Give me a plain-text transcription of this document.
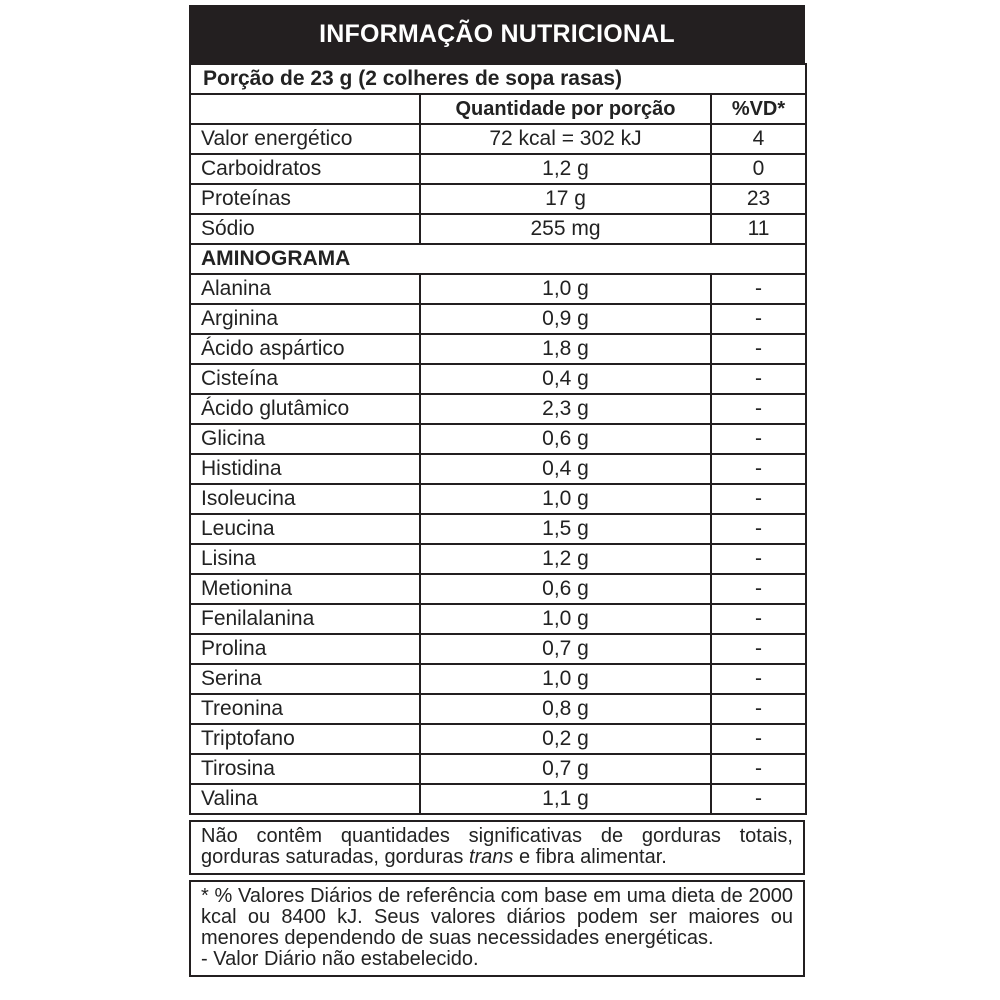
INFORMAÇÃO NUTRICIONAL
Porção de 23 g (2 colheres de sopa rasas)		
	Quantidade por porção	%VD*
Valor energético	72 kcal = 302 kJ	4
Carboidratos	1,2 g	0
Proteínas	17 g	23
Sódio	255 mg	11
AMINOGRAMA		
Alanina	1,0 g	-
Arginina	0,9 g	-
Ácido aspártico	1,8 g	-
Cisteína	0,4 g	-
Ácido glutâmico	2,3 g	-
Glicina	0,6 g	-
Histidina	0,4 g	-
Isoleucina	1,0 g	-
Leucina	1,5 g	-
Lisina	1,2 g	-
Metionina	0,6 g	-
Fenilalanina	1,0 g	-
Prolina	0,7 g	-
Serina	1,0 g	-
Treonina	0,8 g	-
Triptofano	0,2 g	-
Tirosina	0,7 g	-
Valina	1,1 g	-

Não contêm quantidades significativas de gorduras totais, gorduras saturadas, gorduras trans e fibra alimentar.

* % Valores Diários de referência com base em uma dieta de 2000 kcal ou 8400 kJ. Seus valores diários podem ser maiores ou menores dependendo de suas necessidades energéticas.

- Valor Diário não estabelecido.
